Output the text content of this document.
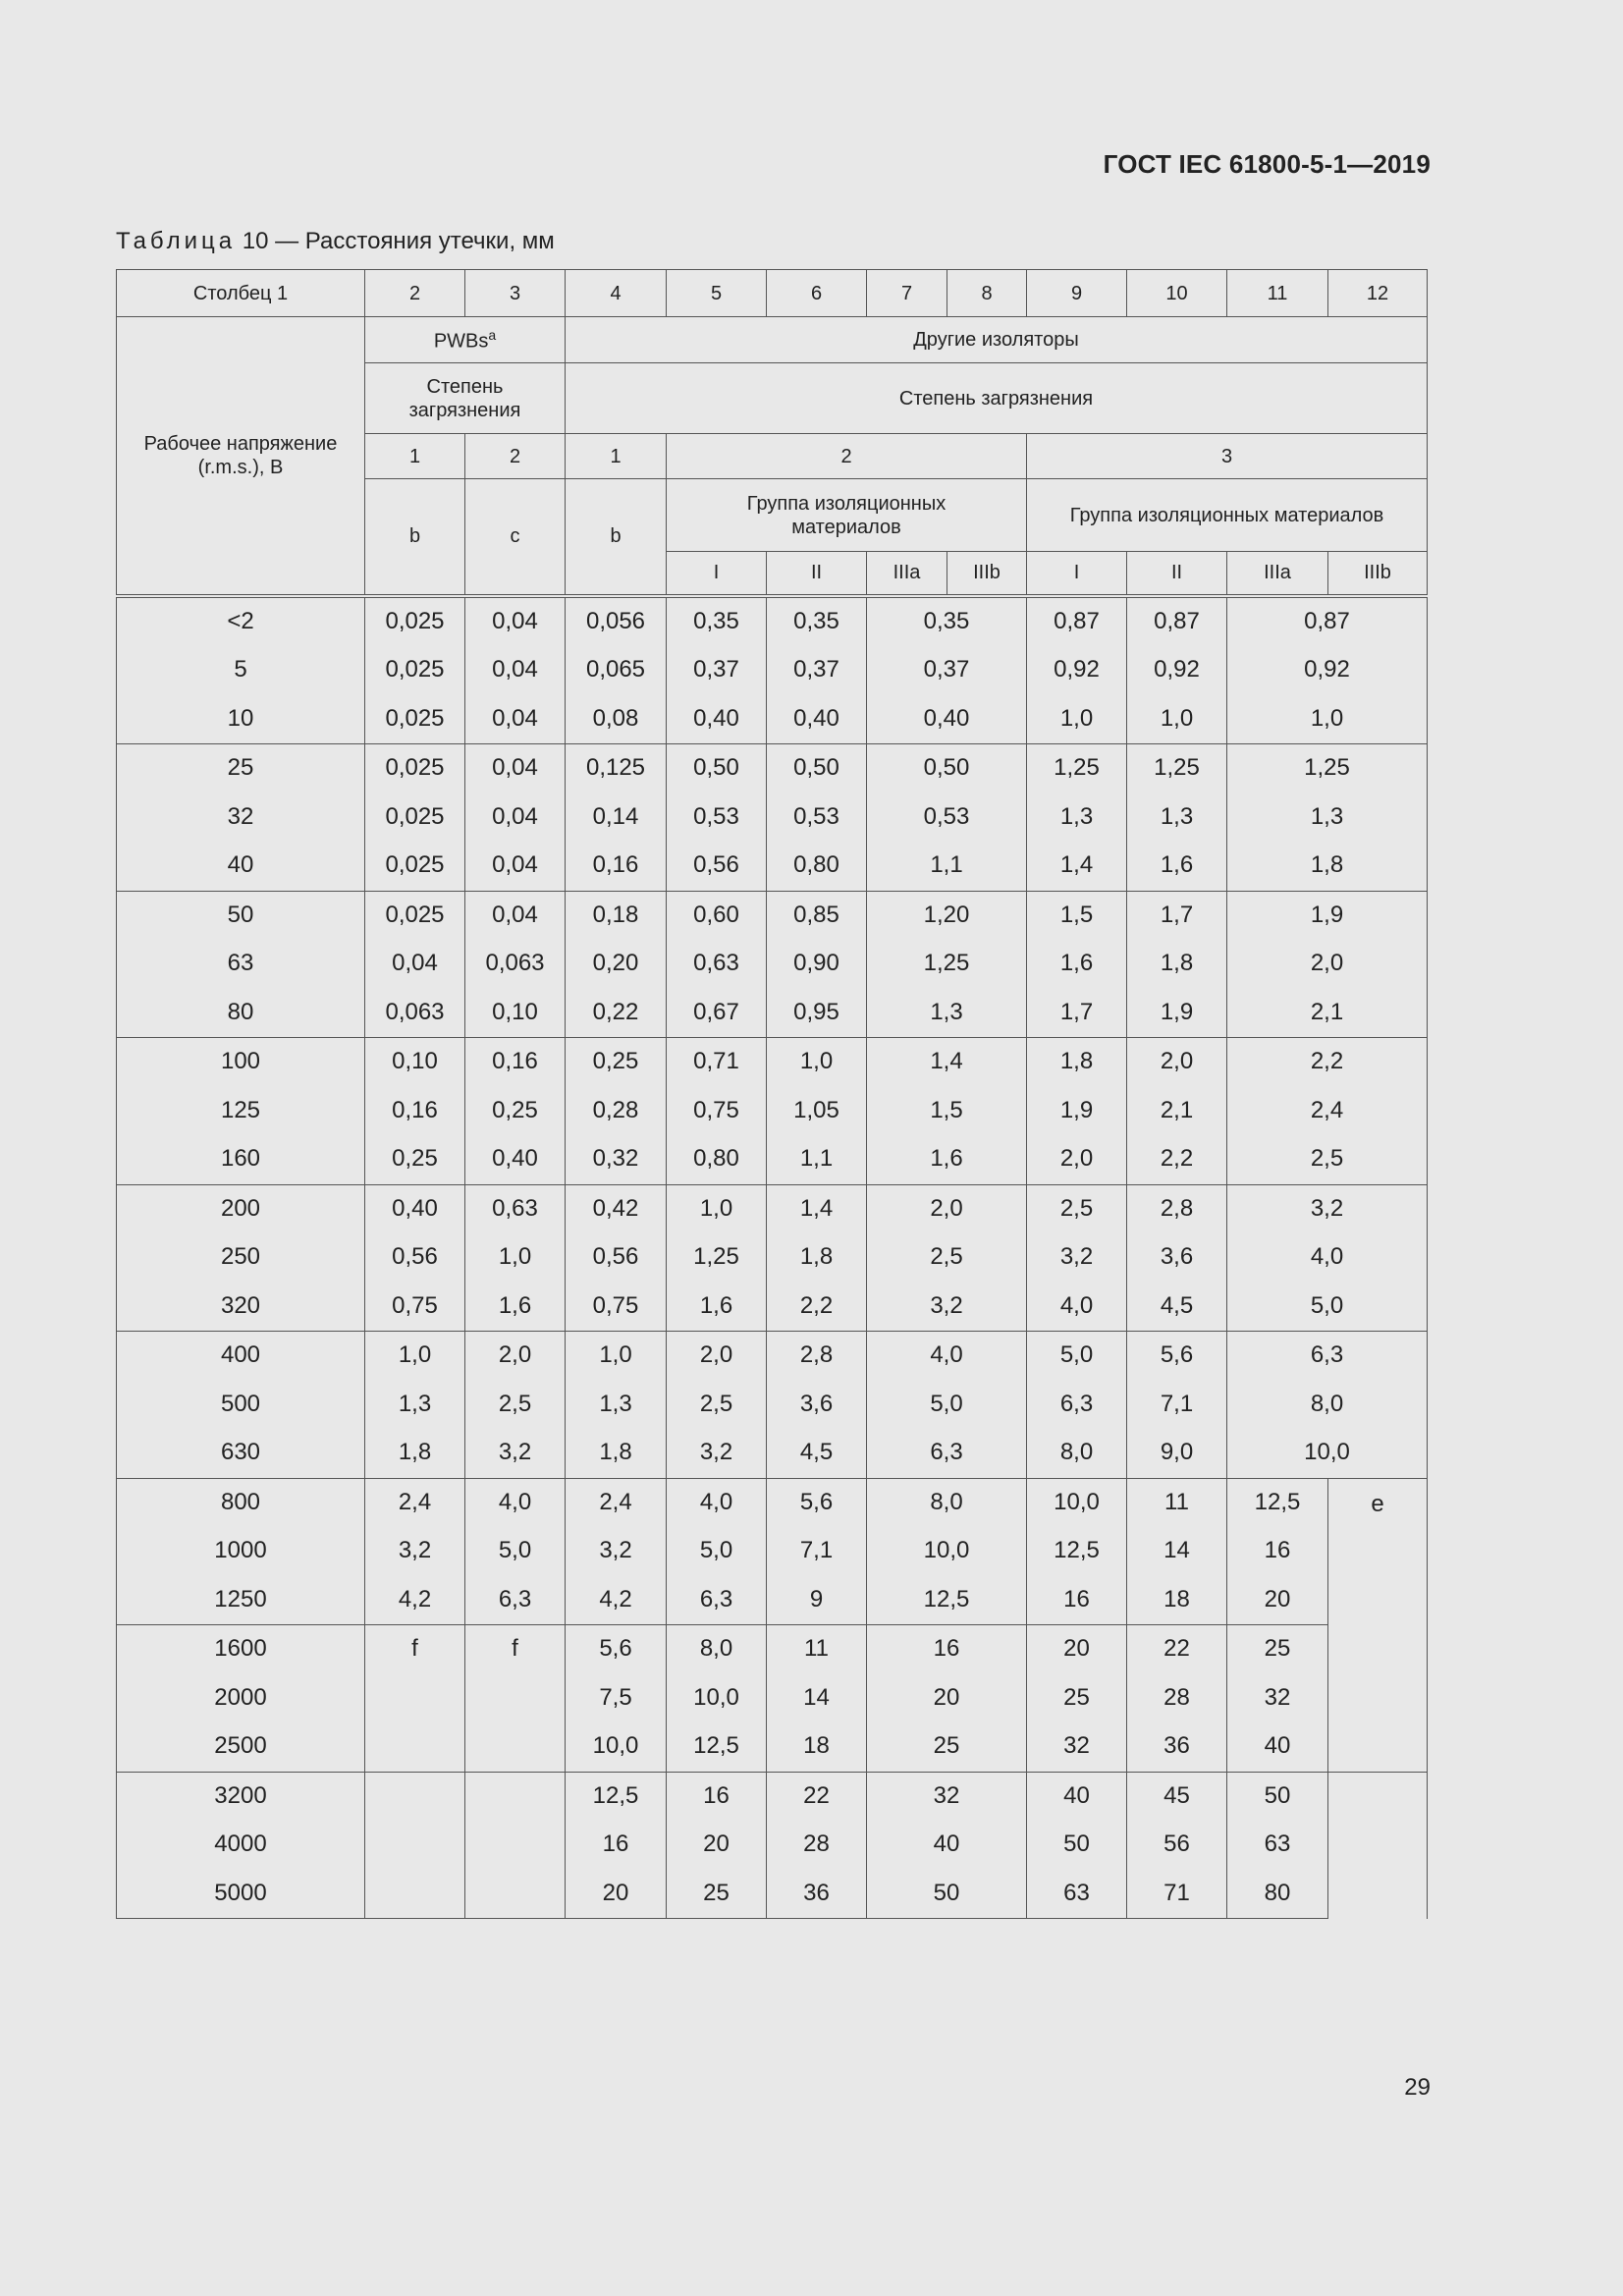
ГОСТ IEC 61800-5-1—2019
Таблица 10 — Расстояния утечки, мм
Столбец 1	2	3	4	5	6	7	8	9	10	11	12

Рабочее напряжение (r.m.s.), В	PWBs$^a$		Другие изоляторы								

	Степень загрязнения		Степень загрязнения								
	1	2	1	2				3			
	b	c	b	Группа изоляционных материалов				Группа изоляционных материалов			
				I	II	IIIa	IIIb	I	II	IIIa	IIIb
<2	0,025	0,04	0,056	0,35	0,35	0,35		0,87	0,87	0,87	
5	0,025	0,04	0,065	0,37	0,37	0,37		0,92	0,92	0,92	
10	0,025	0,04	0,08	0,40	0,40	0,40		1,0	1,0	1,0	
25	0,025	0,04	0,125	0,50	0,50	0,50		1,25	1,25	1,25	
32	0,025	0,04	0,14	0,53	0,53	0,53		1,3	1,3	1,3	
40	0,025	0,04	0,16	0,56	0,80	1,1		1,4	1,6	1,8	
50	0,025	0,04	0,18	0,60	0,85	1,20		1,5	1,7	1,9	
63	0,04	0,063	0,20	0,63	0,90	1,25		1,6	1,8	2,0	
80	0,063	0,10	0,22	0,67	0,95	1,3		1,7	1,9	2,1	
100	0,10	0,16	0,25	0,71	1,0	1,4		1,8	2,0	2,2	
125	0,16	0,25	0,28	0,75	1,05	1,5		1,9	2,1	2,4	
160	0,25	0,40	0,32	0,80	1,1	1,6		2,0	2,2	2,5	
200	0,40	0,63	0,42	1,0	1,4	2,0		2,5	2,8	3,2	
250	0,56	1,0	0,56	1,25	1,8	2,5		3,2	3,6	4,0	
320	0,75	1,6	0,75	1,6	2,2	3,2		4,0	4,5	5,0	
400	1,0	2,0	1,0	2,0	2,8	4,0		5,0	5,6	6,3	
500	1,3	2,5	1,3	2,5	3,6	5,0		6,3	7,1	8,0	
630	1,8	3,2	1,8	3,2	4,5	6,3		8,0	9,0	10,0	
800	2,4	4,0	2,4	4,0	5,6	8,0		10,0	11	12,5	e
1000	3,2	5,0	3,2	5,0	7,1	10,0		12,5	14	16	
1250	4,2	6,3	4,2	6,3	9	12,5		16	18	20	
1600	f	f	5,6	8,0	11	16		20	22	25	
2000			7,5	10,0	14	20		25	28	32	
2500			10,0	12,5	18	25		32	36	40	
3200			12,5	16	22	32		40	45	50	
4000			16	20	28	40		50	56	63	
5000			20	25	36	50		63	71	80	
29
